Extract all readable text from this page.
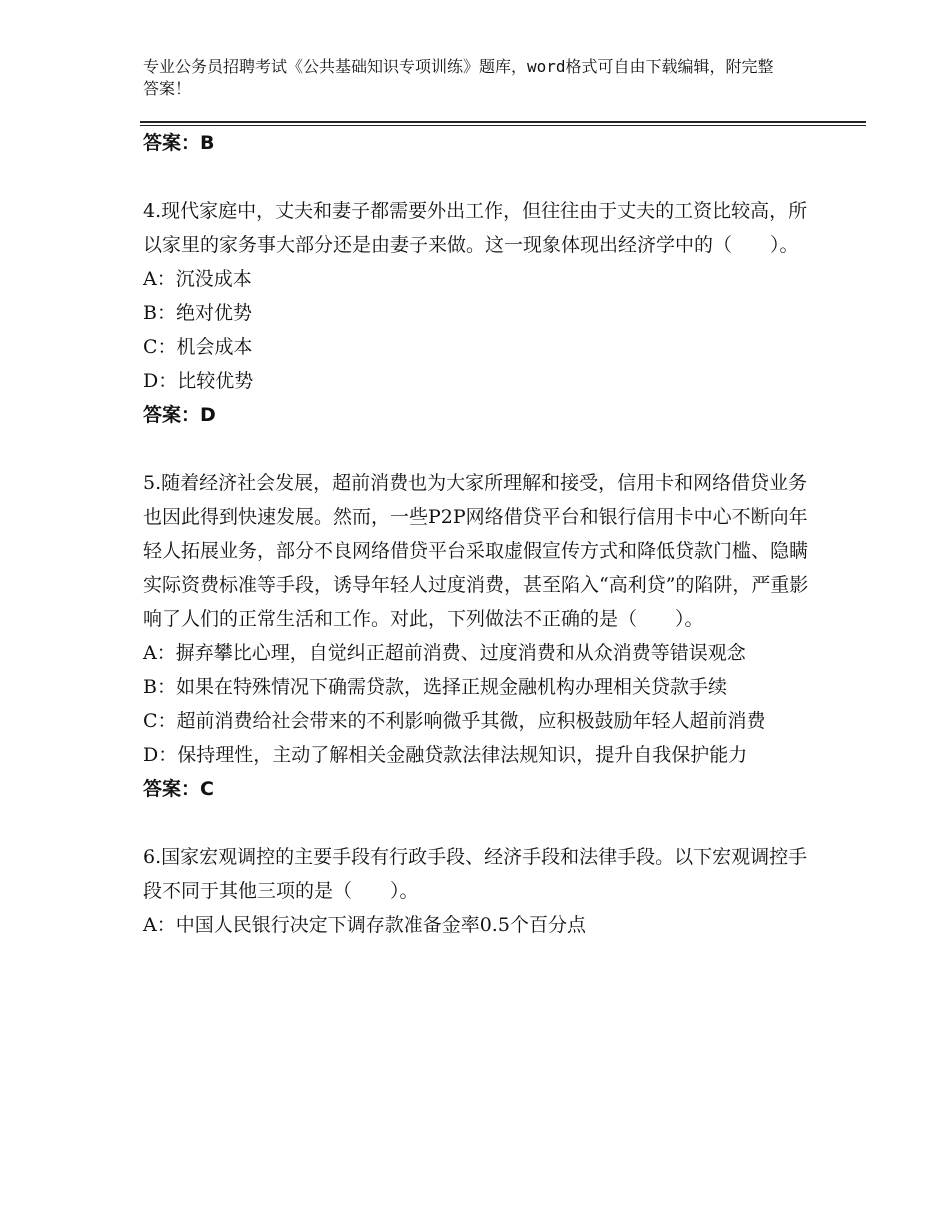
专业公务员招聘考试《公共基础知识专项训练》题库，word格式可自由下载编辑，附完整答案！
答案：B

4.现代家庭中，丈夫和妻子都需要外出工作，但往往由于丈夫的工资比较高，所以家里的家务事大部分还是由妻子来做。这一现象体现出经济学中的（　　）。

A：沉没成本

B：绝对优势

C：机会成本

D：比较优势

答案：D

5.随着经济社会发展，超前消费也为大家所理解和接受，信用卡和网络借贷业务也因此得到快速发展。然而，一些P2P网络借贷平台和银行信用卡中心不断向年轻人拓展业务，部分不良网络借贷平台采取虚假宣传方式和降低贷款门槛、隐瞒实际资费标准等手段，诱导年轻人过度消费，甚至陷入“高利贷”的陷阱，严重影响了人们的正常生活和工作。对此，下列做法不正确的是（　　）。

A：摒弃攀比心理，自觉纠正超前消费、过度消费和从众消费等错误观念

B：如果在特殊情况下确需贷款，选择正规金融机构办理相关贷款手续

C：超前消费给社会带来的不利影响微乎其微，应积极鼓励年轻人超前消费

D：保持理性，主动了解相关金融贷款法律法规知识，提升自我保护能力

答案：C

6.国家宏观调控的主要手段有行政手段、经济手段和法律手段。以下宏观调控手段不同于其他三项的是（　　）。

A：中国人民银行决定下调存款准备金率0.5个百分点
